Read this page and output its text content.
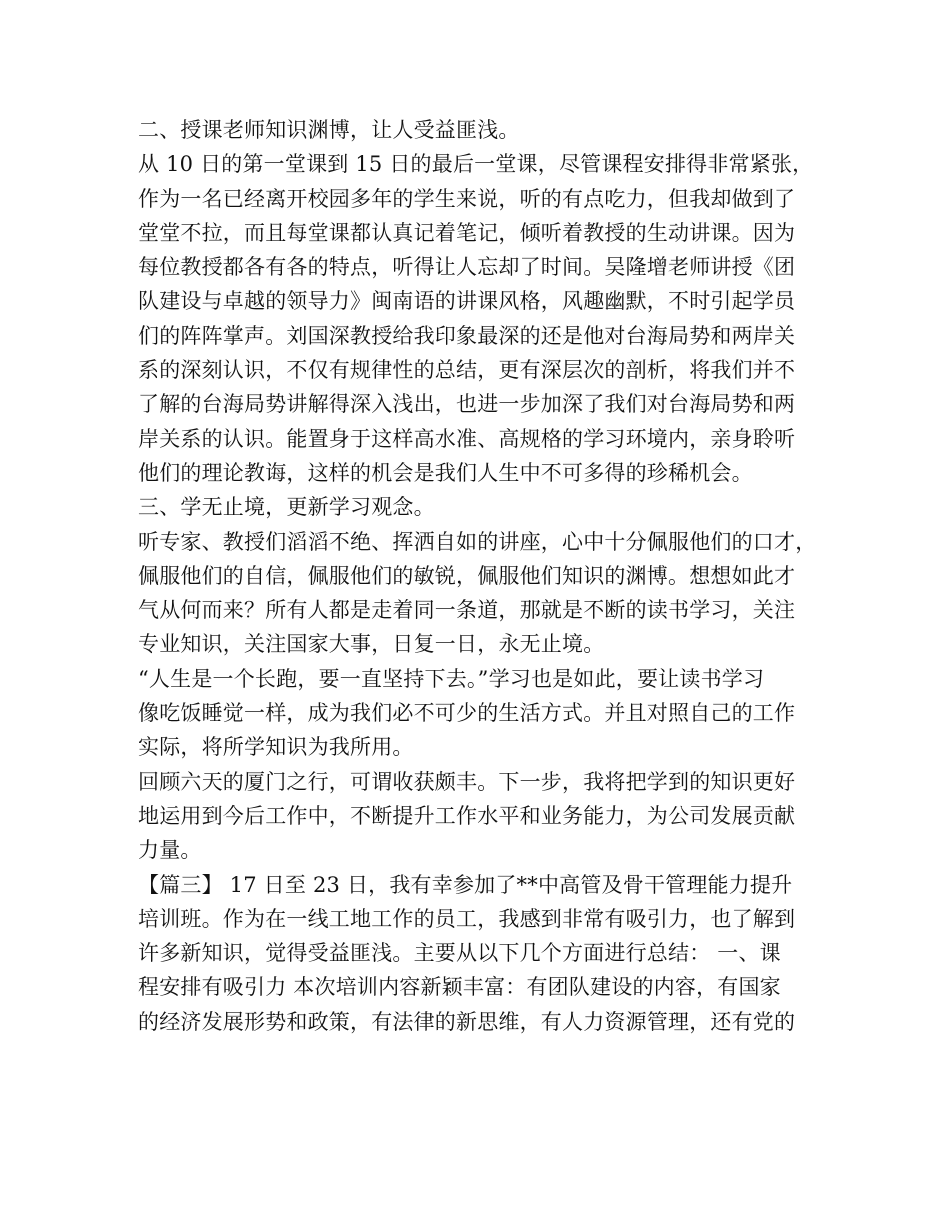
二、授课老师知识渊博，让人受益匪浅。
从 10 日的第一堂课到 15 日的最后一堂课，尽管课程安排得非常紧张，
作为一名已经离开校园多年的学生来说，听的有点吃力，但我却做到了
堂堂不拉，而且每堂课都认真记着笔记，倾听着教授的生动讲课。因为
每位教授都各有各的特点，听得让人忘却了时间。吴隆增老师讲授《团
队建设与卓越的领导力》闽南语的讲课风格，风趣幽默，不时引起学员
们的阵阵掌声。刘国深教授给我印象最深的还是他对台海局势和两岸关
系的深刻认识，不仅有规律性的总结，更有深层次的剖析，将我们并不
了解的台海局势讲解得深入浅出，也进一步加深了我们对台海局势和两
岸关系的认识。能置身于这样高水准、高规格的学习环境内，亲身聆听
他们的理论教诲，这样的机会是我们人生中不可多得的珍稀机会。
三、学无止境，更新学习观念。
听专家、教授们滔滔不绝、挥洒自如的讲座，心中十分佩服他们的口才，
佩服他们的自信，佩服他们的敏锐，佩服他们知识的渊博。想想如此才
气从何而来？所有人都是走着同一条道，那就是不断的读书学习，关注
专业知识，关注国家大事，日复一日，永无止境。
“人生是一个长跑，要一直坚持下去。”学习也是如此，要让读书学习
像吃饭睡觉一样，成为我们必不可少的生活方式。并且对照自己的工作
实际，将所学知识为我所用。
回顾六天的厦门之行，可谓收获颇丰。下一步，我将把学到的知识更好
地运用到今后工作中，不断提升工作水平和业务能力，为公司发展贡献
力量。
【篇三】 17 日至 23 日，我有幸参加了**中高管及骨干管理能力提升
培训班。作为在一线工地工作的员工，我感到非常有吸引力，也了解到
许多新知识，觉得受益匪浅。主要从以下几个方面进行总结： 一、课
程安排有吸引力 本次培训内容新颖丰富：有团队建设的内容，有国家
的经济发展形势和政策，有法律的新思维，有人力资源管理，还有党的
